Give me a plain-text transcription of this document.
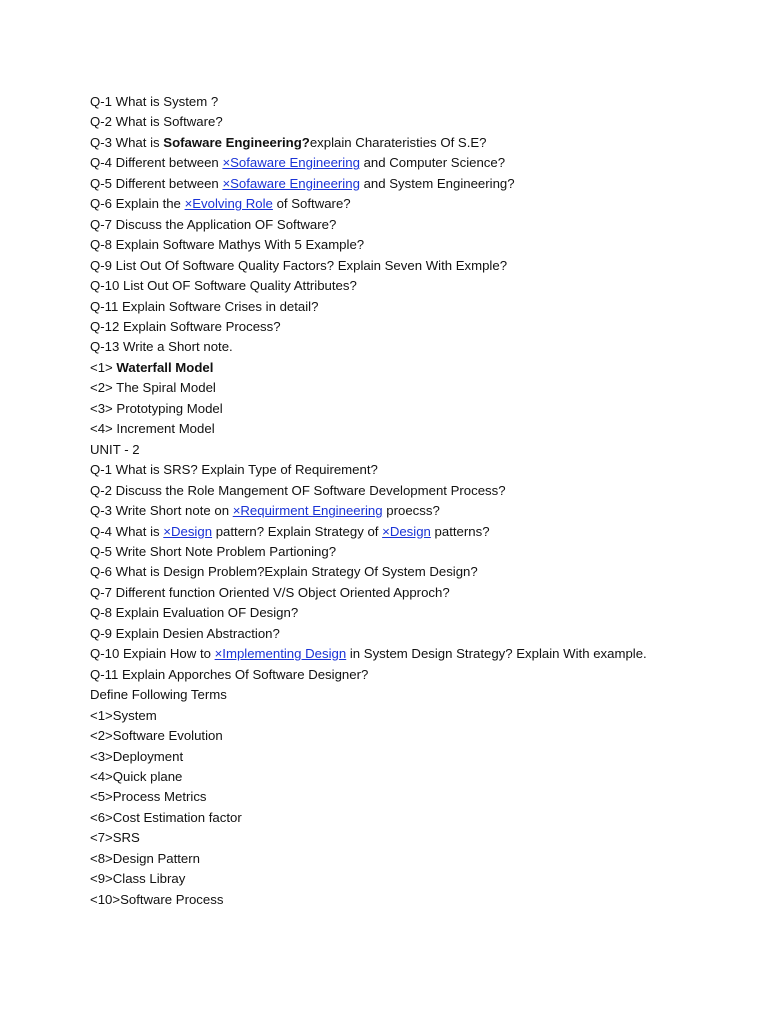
Q-1 What is System ?
Q-2 What is Software?
Q-3 What is Sofaware Engineering?explain Charateristies Of S.E?
Q-4 Different between ×Sofaware Engineering and Computer Science?
Q-5 Different between ×Sofaware Engineering and System Engineering?
Q-6 Explain the ×Evolving Role of Software?
Q-7 Discuss the Application OF Software?
Q-8 Explain Software Mathys With 5 Example?
Q-9 List Out Of Software Quality Factors? Explain Seven With Exmple?
Q-10 List Out OF Software Quality Attributes?
Q-11 Explain Software Crises in detail?
Q-12 Explain Software Process?
Q-13 Write a Short note.
<1> Waterfall Model
<2> The Spiral Model
<3> Prototyping Model
<4> Increment Model
UNIT - 2
Q-1 What is SRS? Explain Type of Requirement?
Q-2 Discuss the Role Mangement OF Software Development Process?
Q-3 Write Short note on ×Requirment Engineering proecss?
Q-4 What is ×Design pattern? Explain Strategy of ×Design patterns?
Q-5 Write Short Note Problem Partioning?
Q-6 What is Design Problem?Explain Strategy Of System Design?
Q-7 Different function Oriented V/S Object Oriented Approch?
Q-8 Explain Evaluation OF Design?
Q-9 Explain Desien Abstraction?
Q-10 Expiain How to ×Implementing Design in System Design Strategy? Explain With example.
Q-11 Explain Apporches Of Software Designer?
Define Following Terms
<1>System
<2>Software Evolution
<3>Deployment
<4>Quick plane
<5>Process Metrics
<6>Cost Estimation factor
<7>SRS
<8>Design Pattern
<9>Class Libray
<10>Software Process
